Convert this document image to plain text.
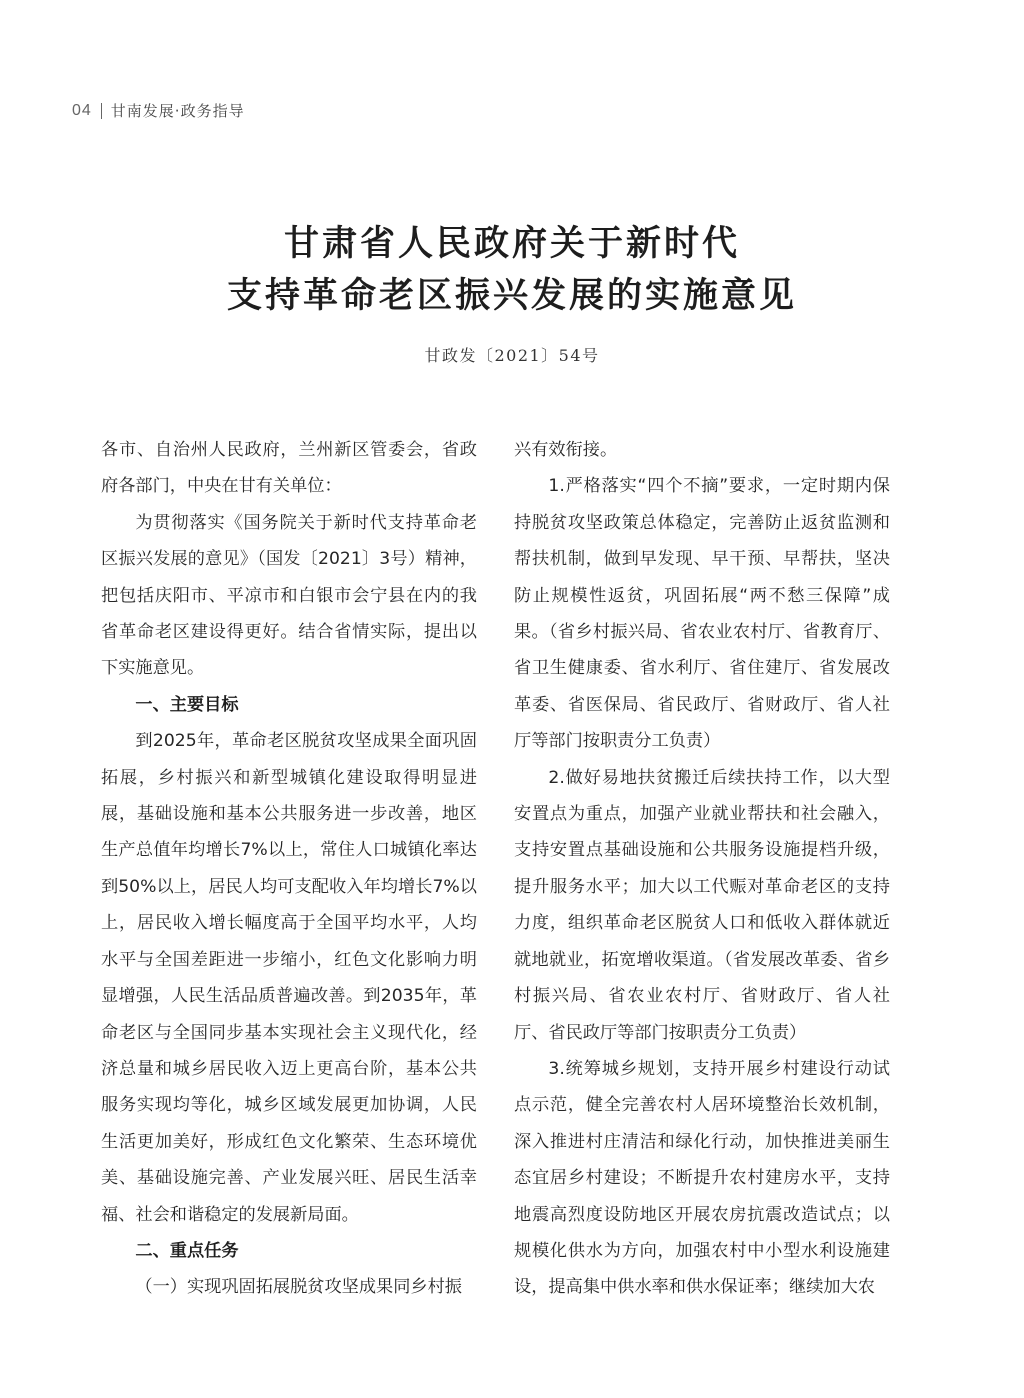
04 甘南发展·政务指导
甘肃省人民政府关于新时代
支持革命老区振兴发展的实施意见
甘政发〔2021〕54号

各市、自治州人民政府，兰州新区管委会，省政府各部门，中央在甘有关单位：

为贯彻落实《国务院关于新时代支持革命老区振兴发展的意见》（国发〔2021〕3号）精神，把包括庆阳市、平凉市和白银市会宁县在内的我省革命老区建设得更好。结合省情实际，提出以下实施意见。

一、主要目标

到2025年，革命老区脱贫攻坚成果全面巩固拓展，乡村振兴和新型城镇化建设取得明显进展，基础设施和基本公共服务进一步改善，地区生产总值年均增长7%以上，常住人口城镇化率达到50%以上，居民人均可支配收入年均增长7%以上，居民收入增长幅度高于全国平均水平，人均水平与全国差距进一步缩小，红色文化影响力明显增强，人民生活品质普遍改善。到2035年，革命老区与全国同步基本实现社会主义现代化，经济总量和城乡居民收入迈上更高台阶，基本公共服务实现均等化，城乡区域发展更加协调，人民生活更加美好，形成红色文化繁荣、生态环境优美、基础设施完善、产业发展兴旺、居民生活幸福、社会和谐稳定的发展新局面。

二、重点任务

（一）实现巩固拓展脱贫攻坚成果同乡村振

兴有效衔接。

1.严格落实“四个不摘”要求，一定时期内保持脱贫攻坚政策总体稳定，完善防止返贫监测和帮扶机制，做到早发现、早干预、早帮扶，坚决防止规模性返贫，巩固拓展“两不愁三保障”成果。（省乡村振兴局、省农业农村厅、省教育厅、省卫生健康委、省水利厅、省住建厅、省发展改革委、省医保局、省民政厅、省财政厅、省人社厅等部门按职责分工负责）

2.做好易地扶贫搬迁后续扶持工作，以大型安置点为重点，加强产业就业帮扶和社会融入，支持安置点基础设施和公共服务设施提档升级，提升服务水平；加大以工代赈对革命老区的支持力度，组织革命老区脱贫人口和低收入群体就近就地就业，拓宽增收渠道。（省发展改革委、省乡村振兴局、省农业农村厅、省财政厅、省人社厅、省民政厅等部门按职责分工负责）

3.统筹城乡规划，支持开展乡村建设行动试点示范，健全完善农村人居环境整治长效机制，深入推进村庄清洁和绿化行动，加快推进美丽生态宜居乡村建设；不断提升农村建房水平，支持地震高烈度设防地区开展农房抗震改造试点；以规模化供水为方向，加强农村中小型水利设施建设，提高集中供水率和供水保证率；继续加大农
